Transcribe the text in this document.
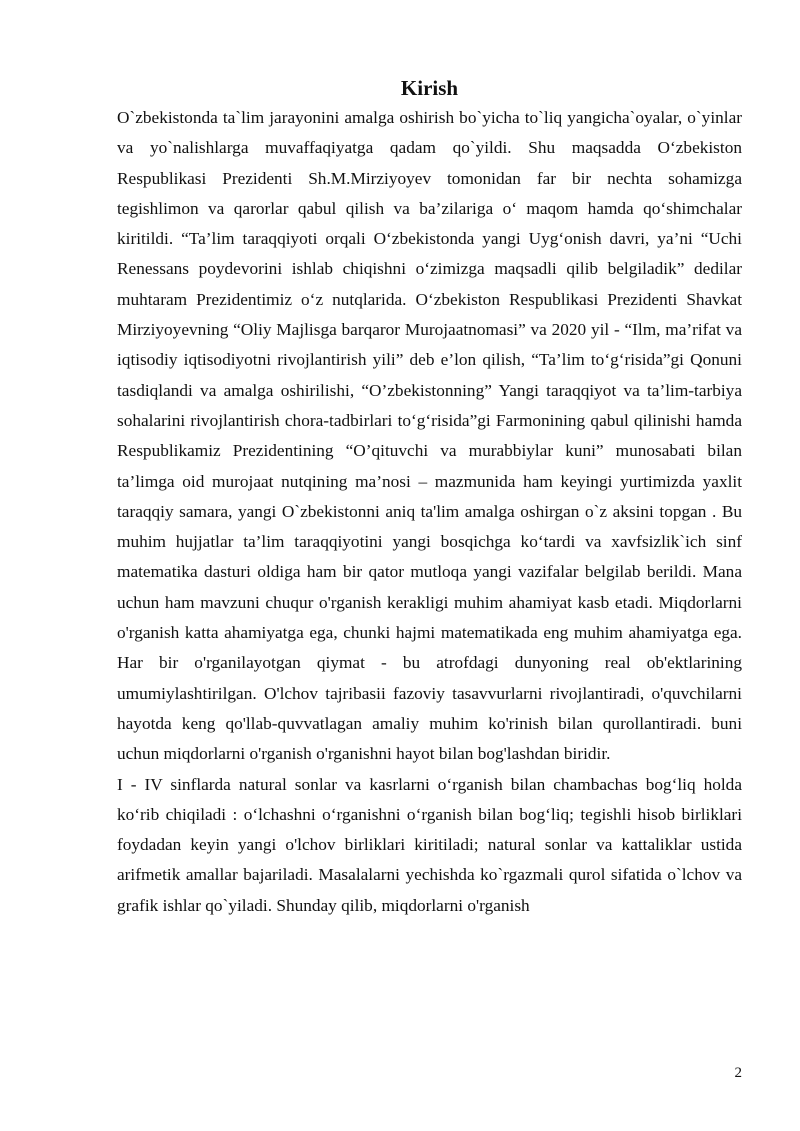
Kirish

O`zbekistonda ta`lim jarayonini amalga oshirish bo`yicha to`liq yangicha`oyalar, o`yinlar va yo`nalishlarga muvaffaqiyatga qadam qo`yildi. Shu maqsadda O‘zbekiston Respublikasi Prezidenti Sh.M.Mirziyoyev tomonidan far bir nechta sohamizga tegishlimon va qarorlar qabul qilish va ba’zilariga o‘ maqom hamda qo‘shimchalar kiritildi. “Ta’lim taraqqiyoti orqali O‘zbekistonda yangi Uyg‘onish davri, ya’ni “Uchi Renessans poydevorini ishlab chiqishni o‘zimizga maqsadli qilib belgiladik” dedilar muhtaram Prezidentimiz o‘z nutqlarida. O‘zbekiston Respublikasi Prezidenti Shavkat Mirziyoyevning “Oliy Majlisga barqaror Murojaatnomasi” va 2020 yil - “Ilm, ma’rifat va iqtisodiy iqtisodiyotni rivojlantirish yili” deb e’lon qilish, “Ta’lim to‘g‘risida”gi Qonuni tasdiqlandi va amalga oshirilishi, “O’zbekistonning” Yangi taraqqiyot va ta’lim-tarbiya sohalarini rivojlantirish chora-tadbirlari to‘g‘risida”gi Farmonining qabul qilinishi hamda Respublikamiz Prezidentining “O’qituvchi va murabbiylar kuni” munosabati bilan ta’limga oid murojaat nutqining ma’nosi – mazmunida ham keyingi yurtimizda yaxlit taraqqiy samara, yangi O`zbekistonni aniq ta'lim amalga oshirgan o`z aksini topgan . Bu muhim hujjatlar ta’lim taraqqiyotini yangi bosqichga ko‘tardi va xavfsizlik`ich sinf matematika dasturi oldiga ham bir qator mutloqa yangi vazifalar belgilab berildi. Mana uchun ham mavzuni chuqur o'rganish kerakligi muhim ahamiyat kasb etadi. Miqdorlarni o'rganish katta ahamiyatga ega, chunki hajmi matematikada eng muhim ahamiyatga ega. Har bir o'rganilayotgan qiymat - bu atrofdagi dunyoning real ob'ektlarining umumiylashtirilgan. O'lchov tajribasii fazoviy tasavvurlarni rivojlantiradi, o'quvchilarni hayotda keng qo'llab-quvvatlagan amaliy muhim ko'rinish bilan qurollantiradi. buni uchun miqdorlarni o'rganish o'rganishni hayot bilan bog'lashdan biridir.

I - IV sinflarda natural sonlar va kasrlarni o‘rganish bilan chambachas bog‘liq holda ko‘rib chiqiladi : o‘lchashni o‘rganishni o‘rganish bilan bog‘liq; tegishli hisob birliklari foydadan keyin yangi o'lchov birliklari kiritiladi; natural sonlar va kattaliklar ustida arifmetik amallar bajariladi. Masalalarni yechishda ko`rgazmali qurol sifatida o`lchov va grafik ishlar qo`yiladi. Shunday qilib, miqdorlarni o'rganish

2
